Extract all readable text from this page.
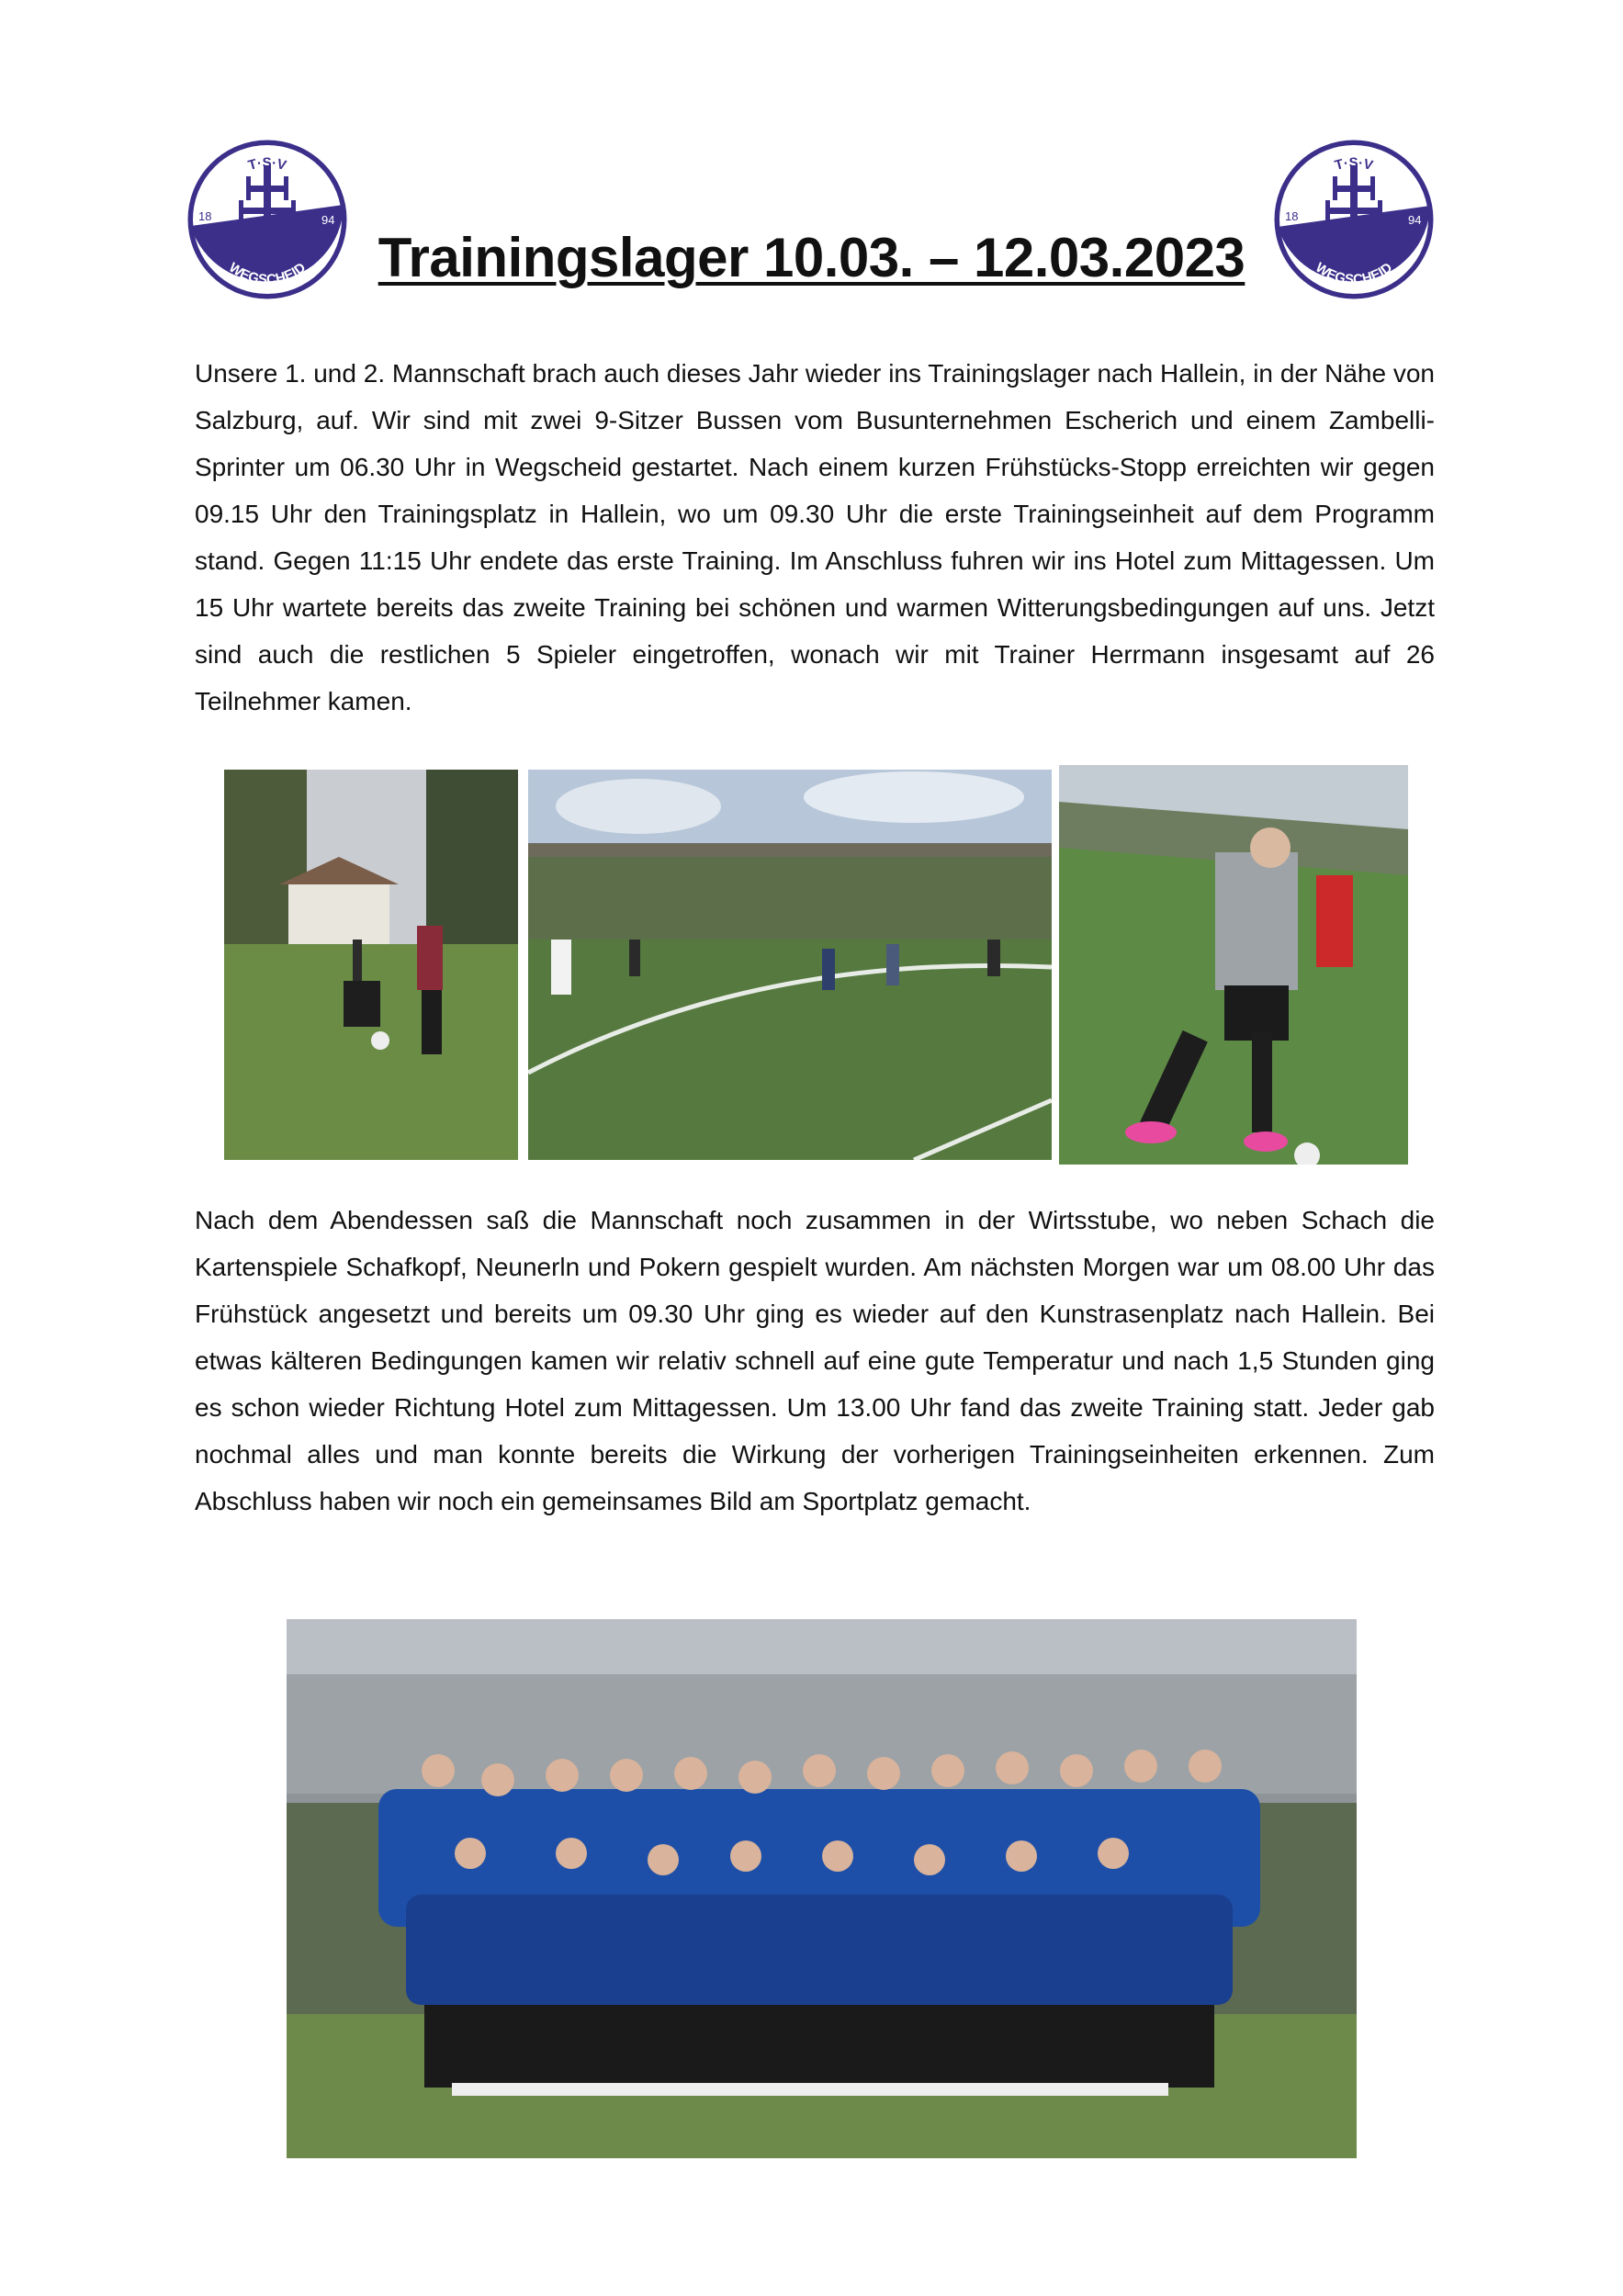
T·S·V
18	94
WEGSCHEID	Trainingslager 10.03. – 12.03.2023
T·S·V
18	94
WEGSCHEID

Unsere 1. und 2. Mannschaft brach auch dieses Jahr wieder ins Trainingslager nach Hallein, in der Nähe von Salzburg, auf. Wir sind mit zwei 9-Sitzer Bussen vom Busunternehmen Escherich und einem Zambelli-Sprinter um 06.30 Uhr in Wegscheid gestartet. Nach einem kurzen Frühstücks-Stopp erreichten wir gegen 09.15 Uhr den Trainingsplatz in Hallein, wo um 09.30 Uhr die erste Trainingseinheit auf dem Programm stand. Gegen 11:15 Uhr endete das erste Training. Im Anschluss fuhren wir ins Hotel zum Mittagessen. Um 15 Uhr wartete bereits das zweite Training bei schönen und warmen Witterungsbedingungen auf uns. Jetzt sind auch die restlichen 5 Spieler eingetroffen, wonach wir mit Trainer Herrmann insgesamt auf 26 Teilnehmer kamen.

Nach dem Abendessen saß die Mannschaft noch zusammen in der Wirtsstube, wo neben Schach die Kartenspiele Schafkopf, Neunerln und Pokern gespielt wurden. Am nächsten Morgen war um 08.00 Uhr das Frühstück angesetzt und bereits um 09.30 Uhr ging es wieder auf den Kunstrasenplatz nach Hallein. Bei etwas kälteren Bedingungen kamen wir relativ schnell auf eine gute Temperatur und nach 1,5 Stunden ging es schon wieder Richtung Hotel zum Mittagessen. Um 13.00 Uhr fand das zweite Training statt. Jeder gab nochmal alles und man konnte bereits die Wirkung der vorherigen Trainingseinheiten erkennen. Zum Abschluss haben wir noch ein gemeinsames Bild am Sportplatz gemacht.
